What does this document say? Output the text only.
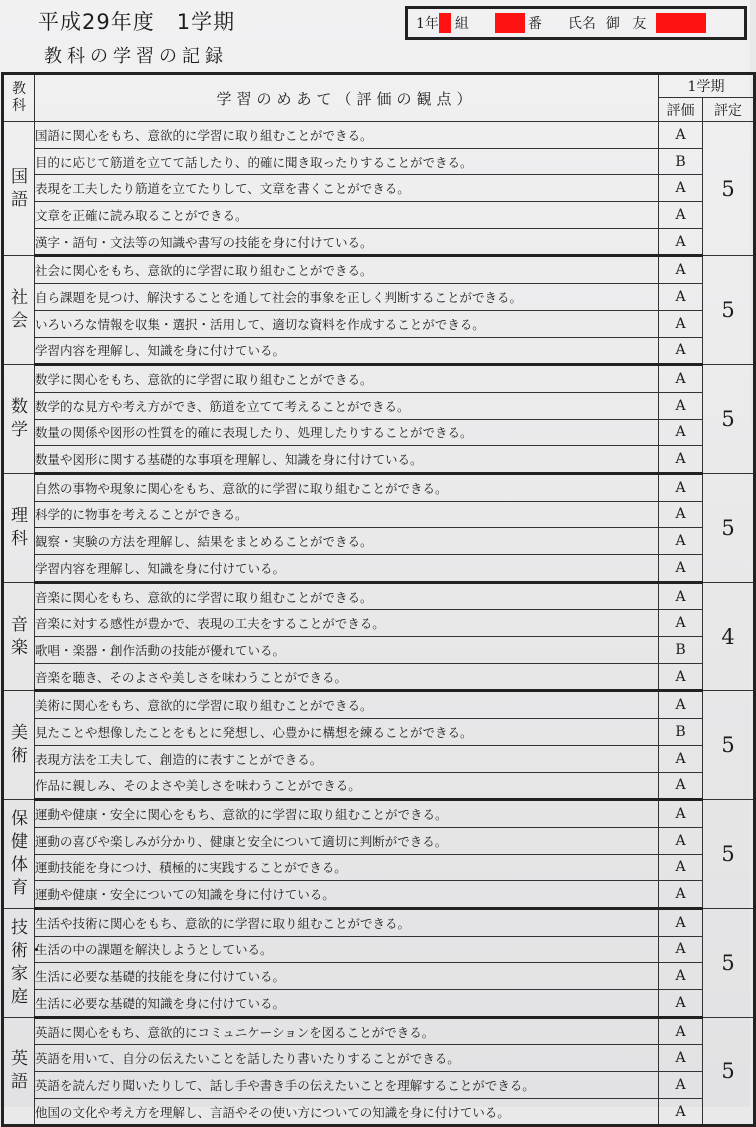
平成29年度　1学期
教科の学習の記録
1年 組	番 氏名 御 友
教科	学習のめあて（評価の観点）	1学期	
		評価	評定
国語	国語に関心をもち、意欲的に学習に取り組むことができる。	A	5
	目的に応じて筋道を立てて話したり、的確に聞き取ったりすることができる。	B	
	表現を工夫したり筋道を立てたりして、文章を書くことができる。	A	
	文章を正確に読み取ることができる。	A	
	漢字・語句・文法等の知識や書写の技能を身に付けている。	A	
社会	社会に関心をもち、意欲的に学習に取り組むことができる。	A	5
	自ら課題を見つけ、解決することを通して社会的事象を正しく判断することができる。	A	
	いろいろな情報を収集・選択・活用して、適切な資料を作成することができる。	A	
	学習内容を理解し、知識を身に付けている。	A	
数学	数学に関心をもち、意欲的に学習に取り組むことができる。	A	5
	数学的な見方や考え方ができ、筋道を立てて考えることができる。	A	
	数量の関係や図形の性質を的確に表現したり、処理したりすることができる。	A	
	数量や図形に関する基礎的な事項を理解し、知識を身に付けている。	A	
理科	自然の事物や現象に関心をもち、意欲的に学習に取り組むことができる。	A	5
	科学的に物事を考えることができる。	A	
	観察・実験の方法を理解し、結果をまとめることができる。	A	
	学習内容を理解し、知識を身に付けている。	A	
音楽	音楽に関心をもち、意欲的に学習に取り組むことができる。	A	4
	音楽に対する感性が豊かで、表現の工夫をすることができる。	A	
	歌唱・楽器・創作活動の技能が優れている。	B	
	音楽を聴き、そのよさや美しさを味わうことができる。	A	
美術	美術に関心をもち、意欲的に学習に取り組むことができる。	A	5
	見たことや想像したことをもとに発想し、心豊かに構想を練ることができる。	B	
	表現方法を工夫して、創造的に表すことができる。	A	
	作品に親しみ、そのよさや美しさを味わうことができる。	A	
保健体育	運動や健康・安全に関心をもち、意欲的に学習に取り組むことができる。	A	5
	運動の喜びや楽しみが分かり、健康と安全について適切に判断ができる。	A	
	運動技能を身につけ、積極的に実践することができる。	A	
	運動や健康・安全についての知識を身に付けている。	A	
技術・家庭	生活や技術に関心をもち、意欲的に学習に取り組むことができる。	A	5
	生活の中の課題を解決しようとしている。	A	
	生活に必要な基礎的技能を身に付けている。	A	
	生活に必要な基礎的知識を身に付けている。	A	
英語	英語に関心をもち、意欲的にコミュニケーションを図ることができる。	A	5
	英語を用いて、自分の伝えたいことを話したり書いたりすることができる。	A	
	英語を読んだり聞いたりして、話し手や書き手の伝えたいことを理解することができる。	A	
	他国の文化や考え方を理解し、言語やその使い方についての知識を身に付けている。	A	
